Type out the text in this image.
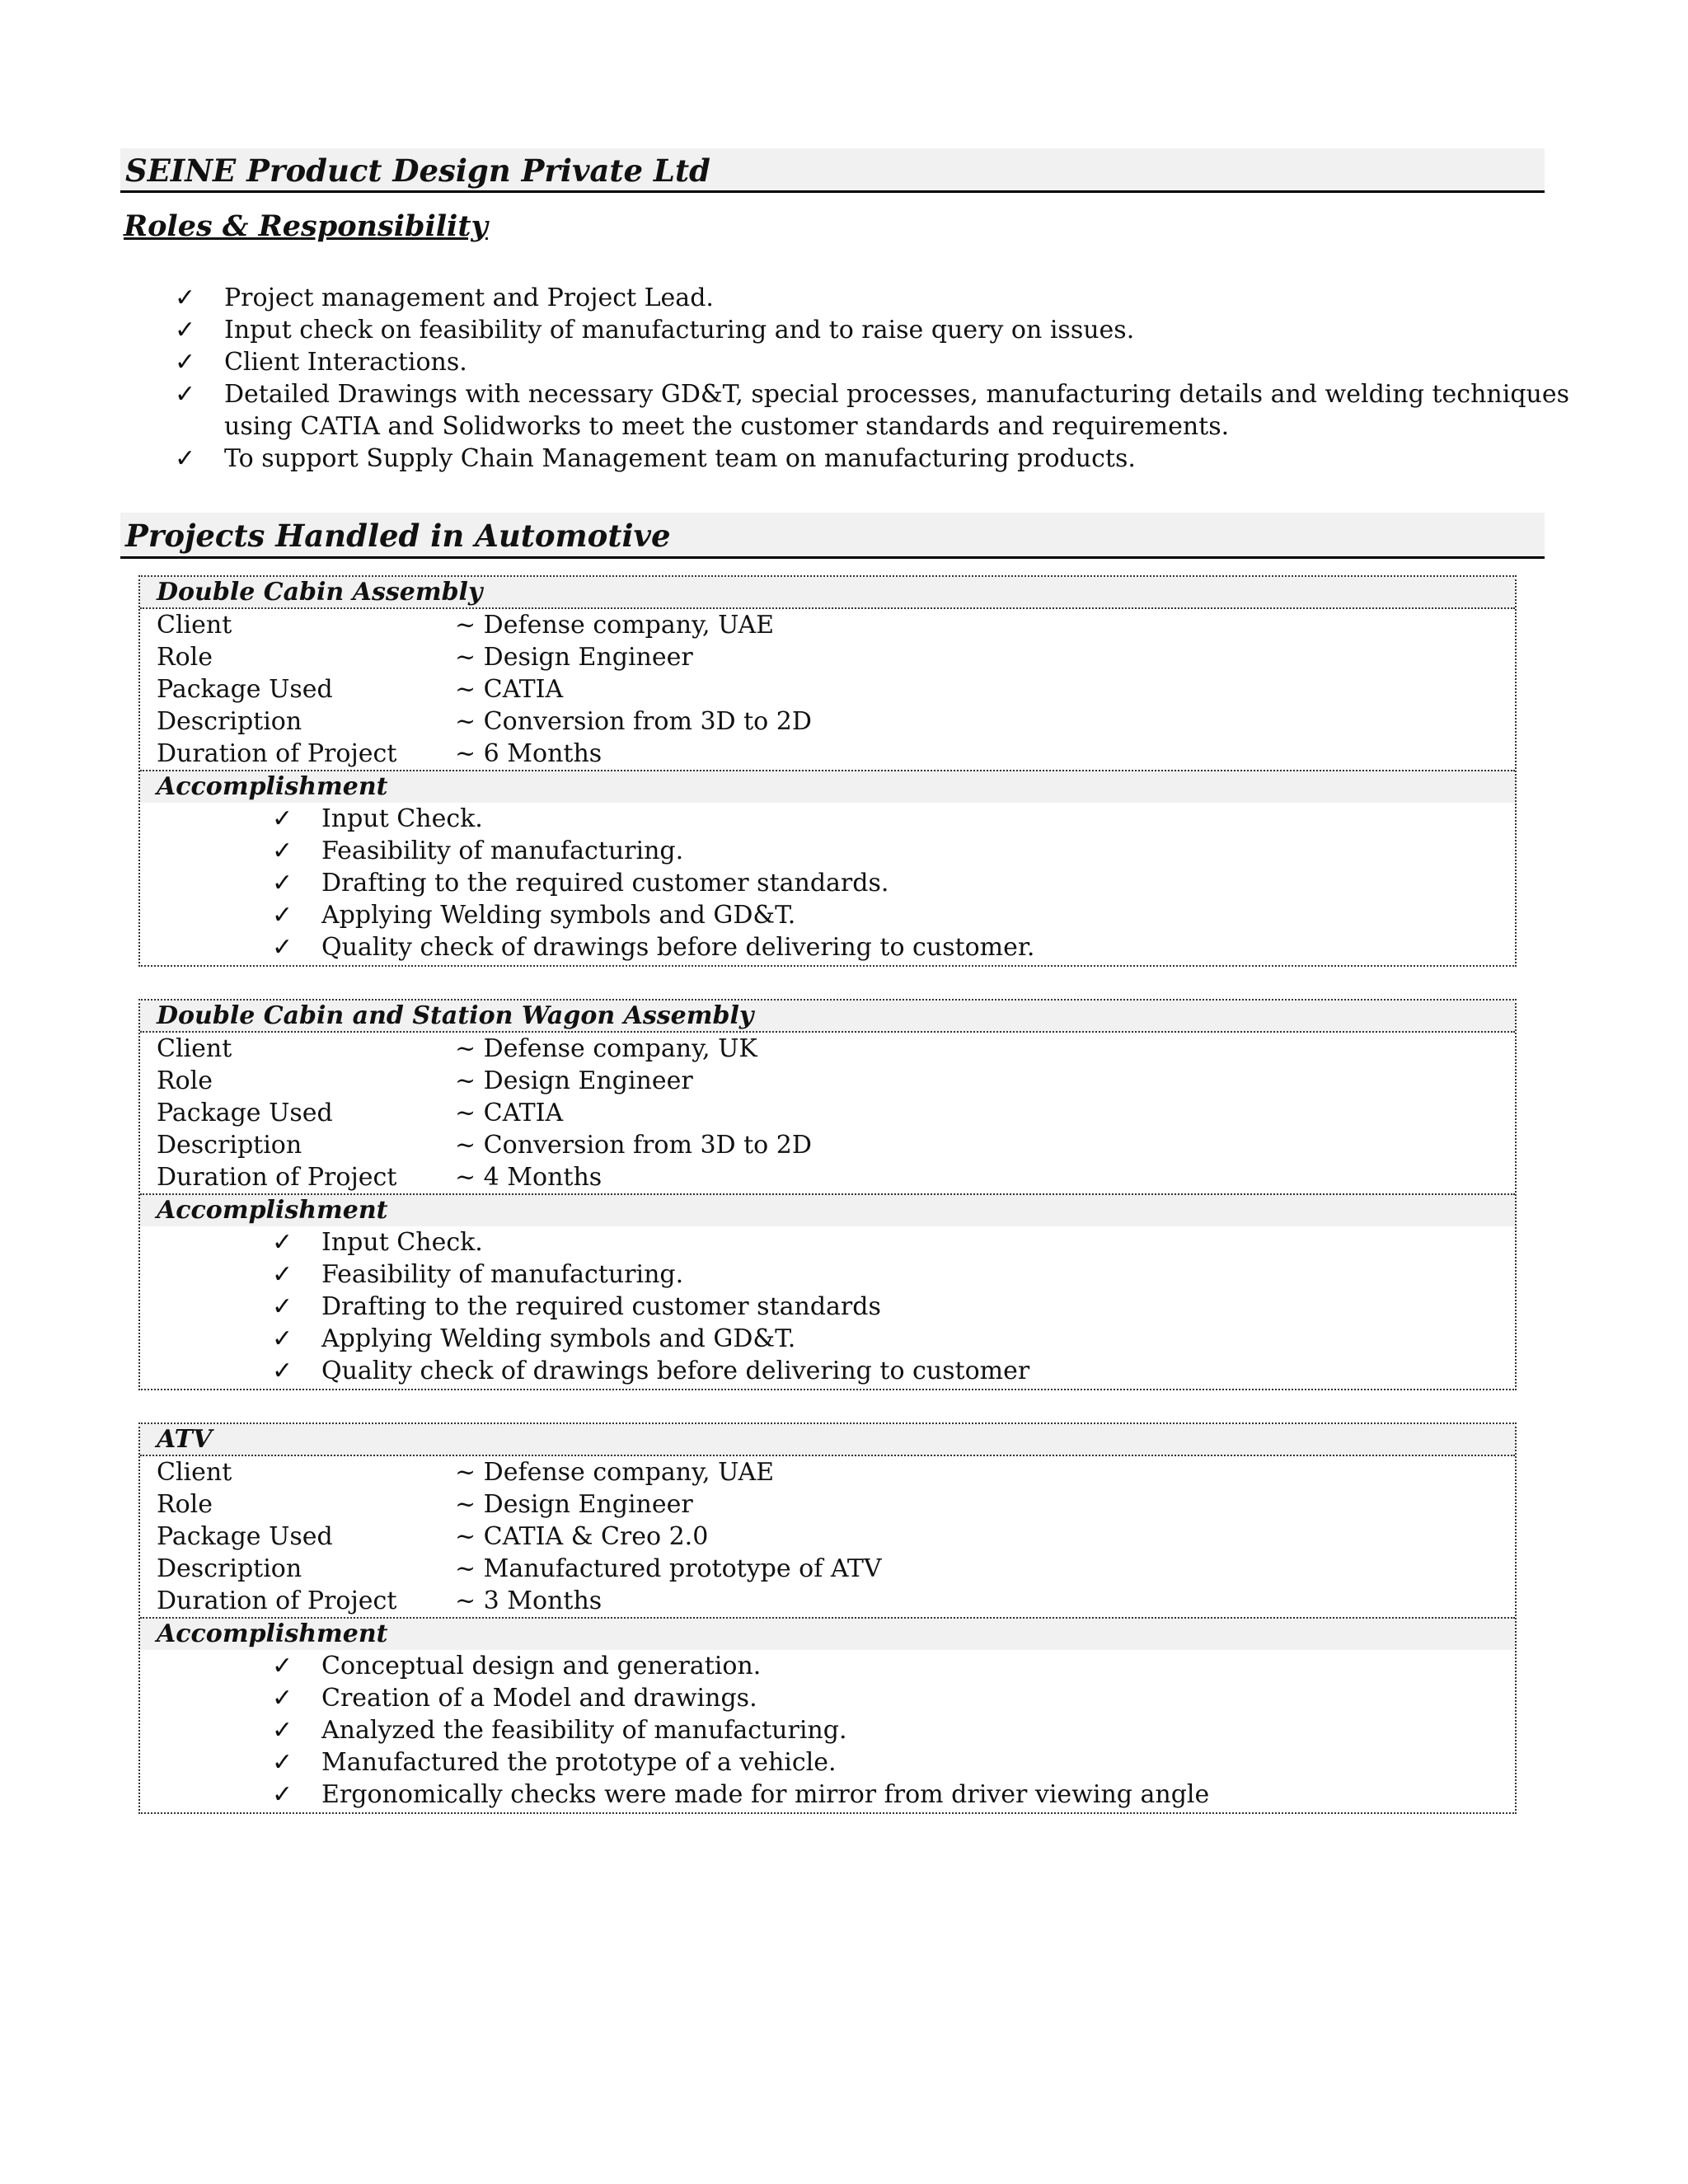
SEINE Product Design Private Ltd
Roles & Responsibility
✓ Project management and Project Lead.
✓ Input check on feasibility of manufacturing and to raise query on issues.
✓ Client Interactions.
✓ Detailed Drawings with necessary GD&T, special processes, manufacturing details and welding techniques using CATIA and Solidworks to meet the customer standards and requirements.
✓ To support Supply Chain Management team on manufacturing products.
Projects Handled in Automotive
Double Cabin Assembly
Client	~ Defense company, UAE
Role	~ Design Engineer
Package Used	~ CATIA
Description	~ Conversion from 3D to 2D
Duration of Project	~ 6 Months
Accomplishment
✓ Input Check.
✓ Feasibility of manufacturing.
✓ Drafting to the required customer standards.
✓ Applying Welding symbols and GD&T.
✓ Quality check of drawings before delivering to customer.
Double Cabin and Station Wagon Assembly
Client	~ Defense company, UK
Role	~ Design Engineer
Package Used	~ CATIA
Description	~ Conversion from 3D to 2D
Duration of Project	~ 4 Months
Accomplishment
✓ Input Check.
✓ Feasibility of manufacturing.
✓ Drafting to the required customer standards
✓ Applying Welding symbols and GD&T.
✓ Quality check of drawings before delivering to customer
ATV
Client	~ Defense company, UAE
Role	~ Design Engineer
Package Used	~ CATIA & Creo 2.0
Description	~ Manufactured prototype of ATV
Duration of Project	~ 3 Months
Accomplishment
✓ Conceptual design and generation.
✓ Creation of a Model and drawings.
✓ Analyzed the feasibility of manufacturing.
✓ Manufactured the prototype of a vehicle.
✓ Ergonomically checks were made for mirror from driver viewing angle
